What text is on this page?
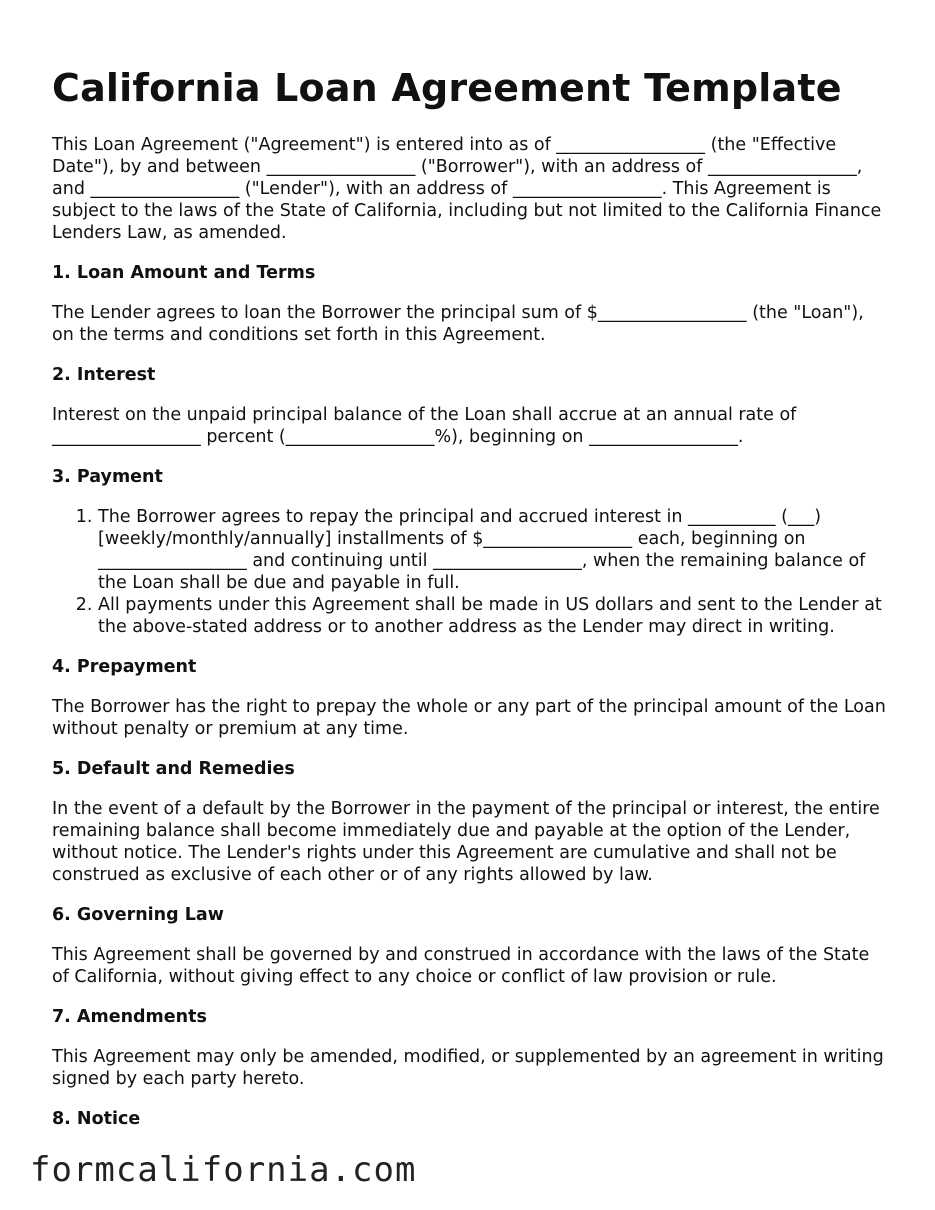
California Loan Agreement Template

This Loan Agreement ("Agreement") is entered into as of _________________ (the "Effective Date"), by and between _________________ ("Borrower"), with an address of _________________, and _________________ ("Lender"), with an address of _________________. This Agreement is subject to the laws of the State of California, including but not limited to the California Finance Lenders Law, as amended.

1. Loan Amount and Terms

The Lender agrees to loan the Borrower the principal sum of $_________________ (the "Loan"), on the terms and conditions set forth in this Agreement.

2. Interest

Interest on the unpaid principal balance of the Loan shall accrue at an annual rate of _________________ percent (_________________%), beginning on _________________.

3. Payment
1. The Borrower agrees to repay the principal and accrued interest in __________ (___) [weekly/monthly/annually] installments of $_________________ each, beginning on _________________ and continuing until _________________, when the remaining balance of the Loan shall be due and payable in full.
2. All payments under this Agreement shall be made in US dollars and sent to the Lender at the above-stated address or to another address as the Lender may direct in writing.
4. Prepayment

The Borrower has the right to prepay the whole or any part of the principal amount of the Loan without penalty or premium at any time.

5. Default and Remedies

In the event of a default by the Borrower in the payment of the principal or interest, the entire remaining balance shall become immediately due and payable at the option of the Lender, without notice. The Lender's rights under this Agreement are cumulative and shall not be construed as exclusive of each other or of any rights allowed by law.

6. Governing Law

This Agreement shall be governed by and construed in accordance with the laws of the State of California, without giving effect to any choice or conflict of law provision or rule.

7. Amendments

This Agreement may only be amended, modified, or supplemented by an agreement in writing signed by each party hereto.

8. Notice
formcalifornia.com
